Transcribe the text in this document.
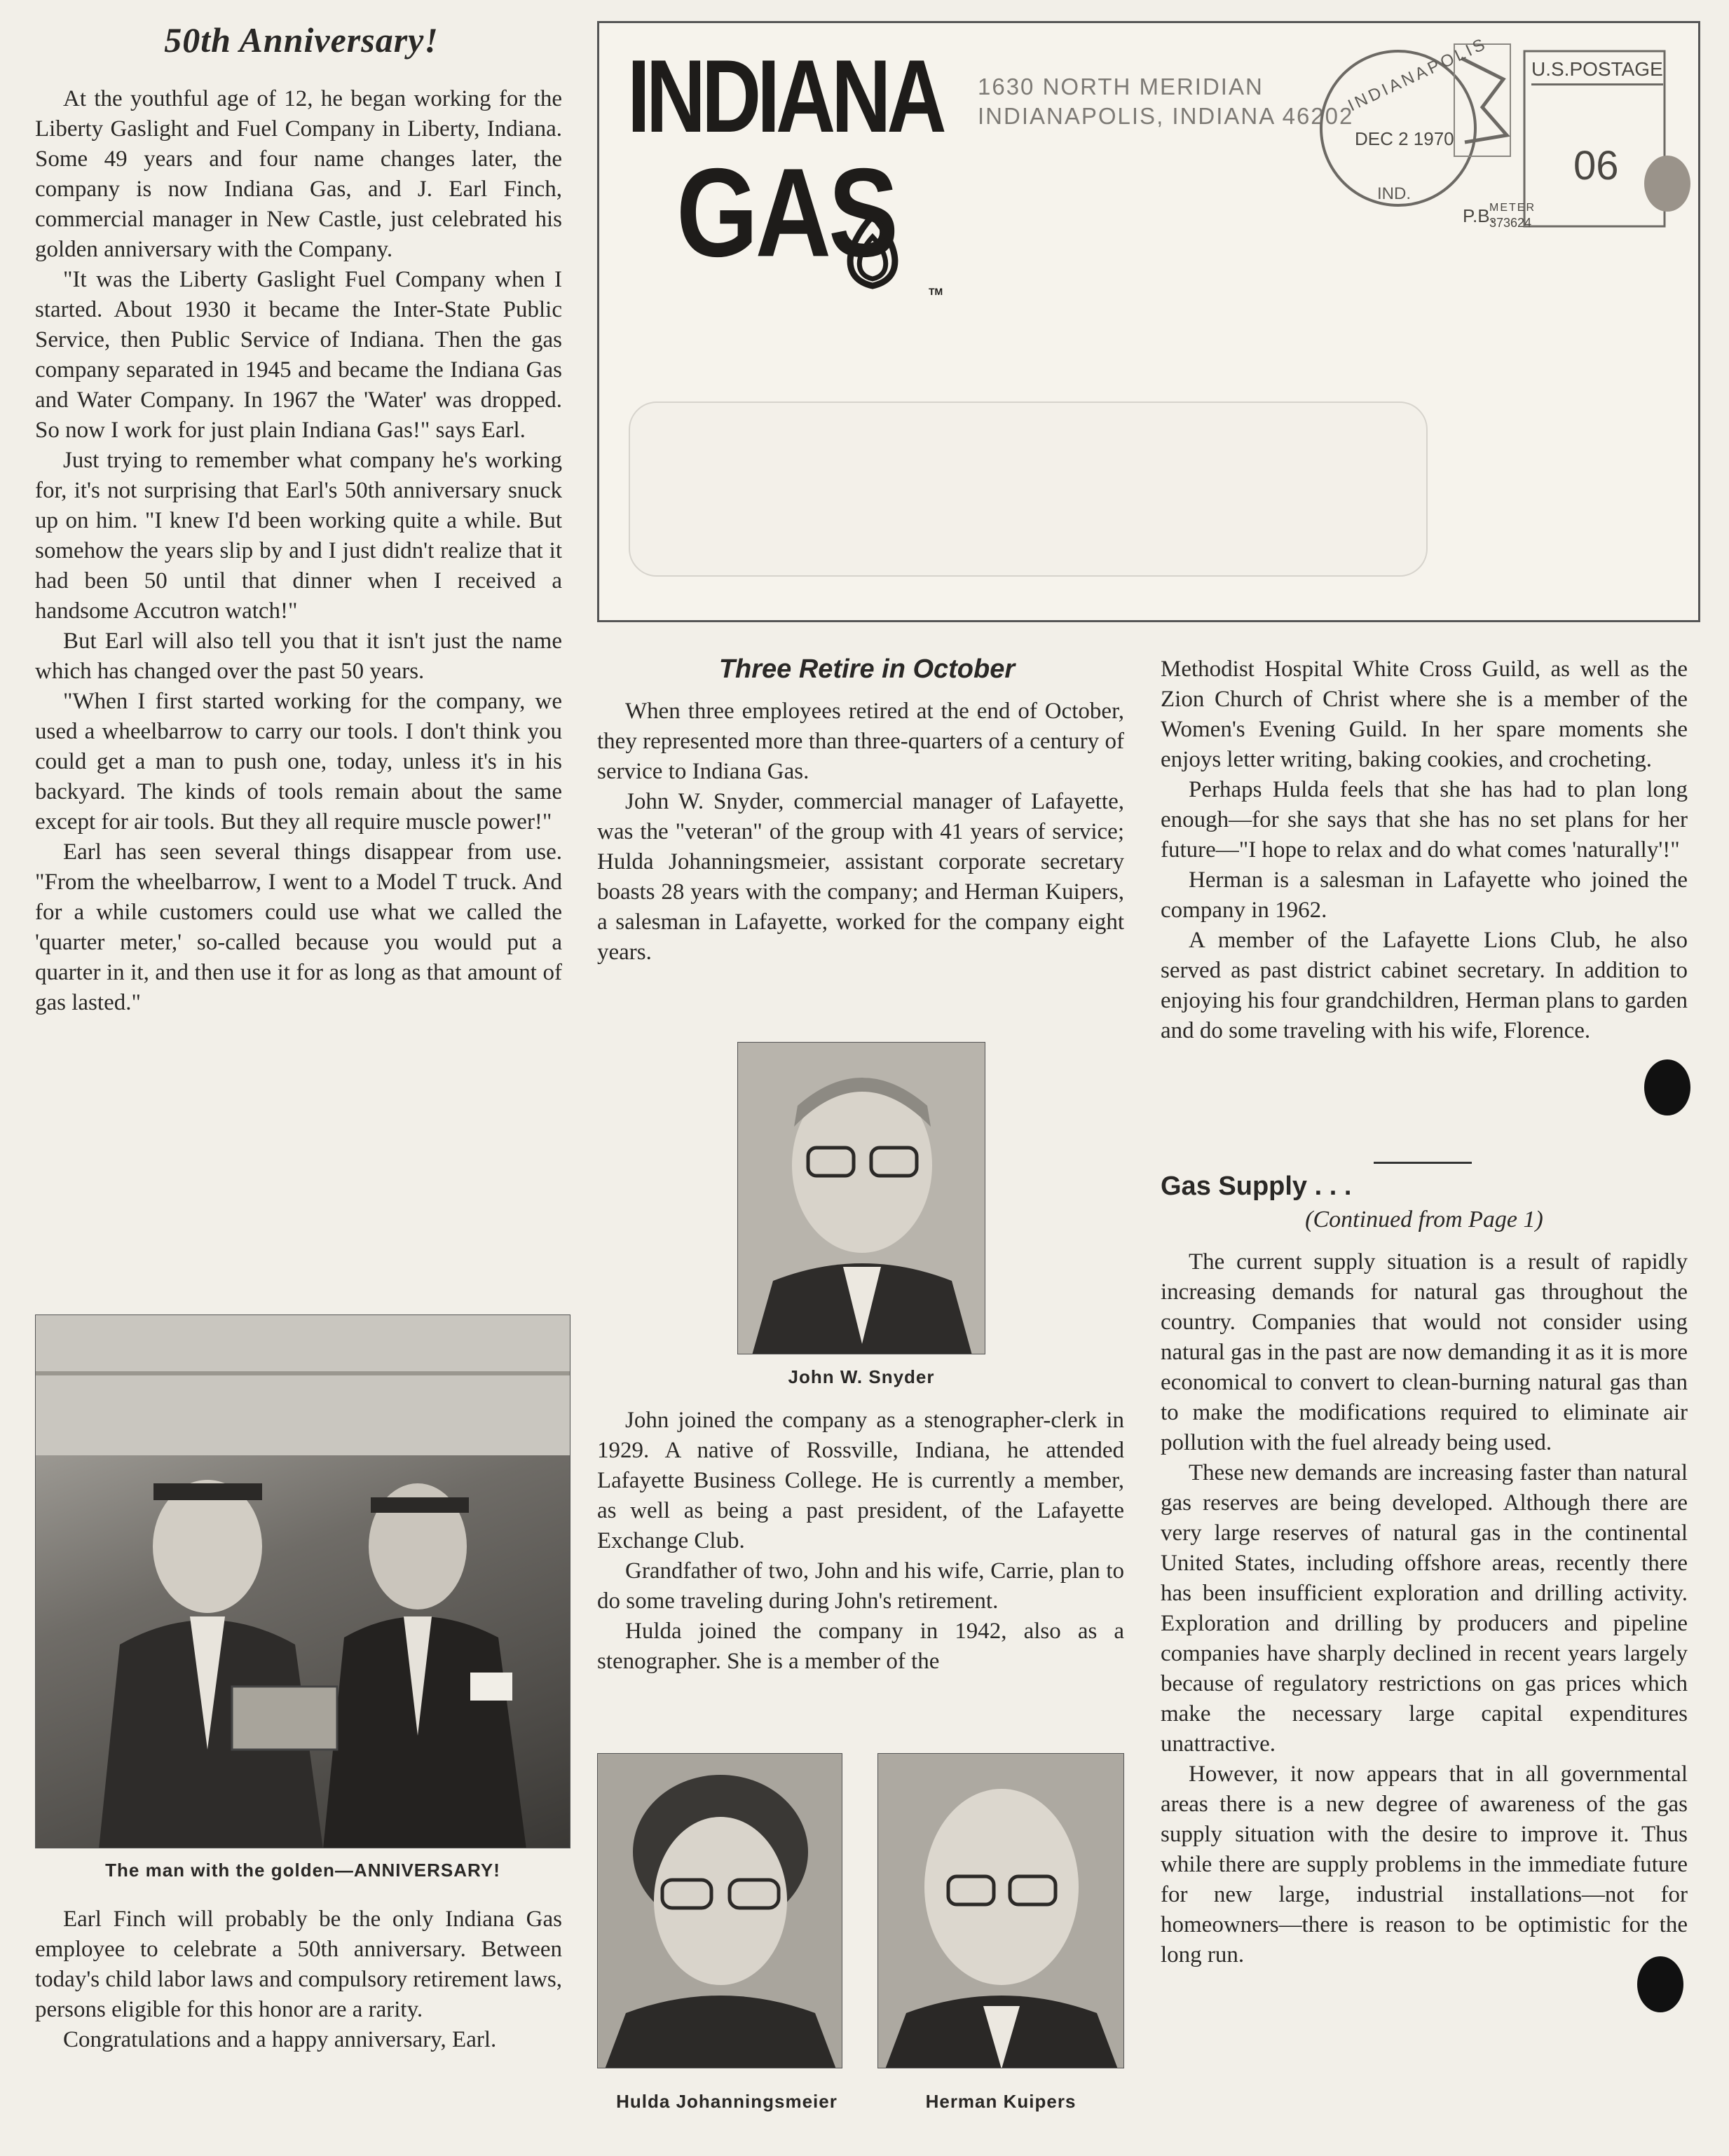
50th Anniversary!

At the youthful age of 12, he began working for the Liberty Gaslight and Fuel Company in Liberty, Indiana. Some 49 years and four name changes later, the company is now Indiana Gas, and J. Earl Finch, commercial manager in New Castle, just celebrated his golden anniversary with the Company.

"It was the Liberty Gaslight Fuel Company when I started. About 1930 it became the Inter-State Public Service, then Public Service of Indiana. Then the gas company separated in 1945 and became the Indiana Gas and Water Company. In 1967 the 'Water' was dropped. So now I work for just plain Indiana Gas!" says Earl.

Just trying to remember what company he's working for, it's not surprising that Earl's 50th anniversary snuck up on him. "I knew I'd been working quite a while. But somehow the years slip by and I just didn't realize that it had been 50 until that dinner when I received a handsome Accutron watch!"

But Earl will also tell you that it isn't just the name which has changed over the past 50 years.

"When I first started working for the company, we used a wheelbarrow to carry our tools. I don't think you could get a man to push one, today, unless it's in his backyard. The kinds of tools remain about the same except for air tools. But they all require muscle power!"

Earl has seen several things disappear from use. "From the wheelbarrow, I went to a Model T truck. And for a while customers could use what we called the 'quarter meter,' so-called because you would put a quarter in it, and then use it for as long as that amount of gas lasted."

The man with the golden—ANNIVERSARY!

Earl Finch will probably be the only Indiana Gas employee to celebrate a 50th anniversary. Between today's child labor laws and compulsory retirement laws, persons eligible for this honor are a rarity.

Congratulations and a happy anniversary, Earl.

INDIANA
GAS
TM
1630 NORTH MERIDIAN
INDIANAPOLIS, INDIANA 46202
INDIANAPOLIS
DEC 2 1970
IND.
U.S.POSTAGE
06
P.B.
METER
373624
Three Retire in October

When three employees retired at the end of October, they represented more than three-quarters of a century of service to Indiana Gas.

John W. Snyder, commercial manager of Lafayette, was the "veteran" of the group with 41 years of service; Hulda Johanningsmeier, assistant corporate secretary boasts 28 years with the company; and Herman Kuipers, a salesman in Lafayette, worked for the company eight years.

John W. Snyder

John joined the company as a stenographer-clerk in 1929. A native of Rossville, Indiana, he attended Lafayette Business College. He is currently a member, as well as being a past president, of the Lafayette Exchange Club.

Grandfather of two, John and his wife, Carrie, plan to do some traveling during John's retirement.

Hulda joined the company in 1942, also as a stenographer. She is a member of the

Hulda Johanningsmeier	Herman Kuipers

Methodist Hospital White Cross Guild, as well as the Zion Church of Christ where she is a member of the Women's Evening Guild. In her spare moments she enjoys letter writing, baking cookies, and crocheting.

Perhaps Hulda feels that she has had to plan long enough—for she says that she has no set plans for her future—"I hope to relax and do what comes 'naturally'!"

Herman is a salesman in Lafayette who joined the company in 1962.

A member of the Lafayette Lions Club, he also served as past district cabinet secretary. In addition to enjoying his four grandchildren, Herman plans to garden and do some traveling with his wife, Florence.

Gas Supply . . .
(Continued from Page 1)

The current supply situation is a result of rapidly increasing demands for natural gas throughout the country. Companies that would not consider using natural gas in the past are now demanding it as it is more economical to convert to clean-burning natural gas than to make the modifications required to eliminate air pollution with the fuel already being used.

These new demands are increasing faster than natural gas reserves are being developed. Although there are very large reserves of natural gas in the continental United States, including offshore areas, recently there has been insufficient exploration and drilling activity. Exploration and drilling by producers and pipeline companies have sharply declined in recent years largely because of regulatory restrictions on gas prices which make the necessary large capital expenditures unattractive.

However, it now appears that in all governmental areas there is a new degree of awareness of the gas supply situation with the desire to improve it. Thus while there are supply problems in the immediate future for new large, industrial installations—not for homeowners—there is reason to be optimistic for the long run.
